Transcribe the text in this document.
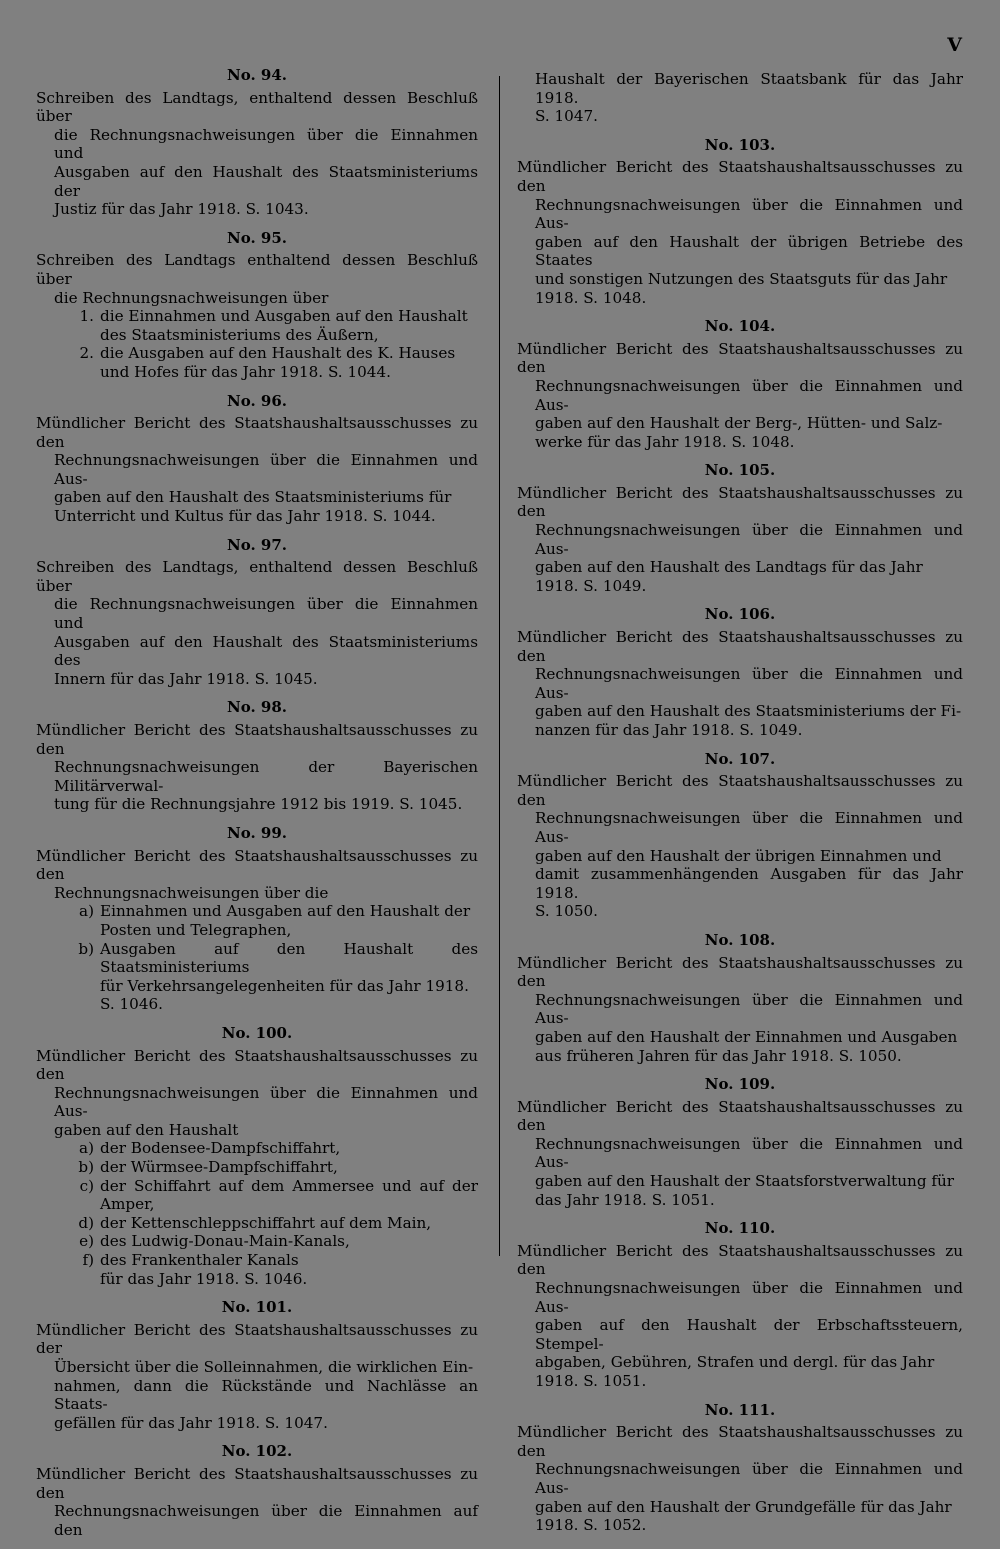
V
No. 94.
Schreiben des Landtags, enthaltend dessen Beschluß über
die Rechnungsnachweisungen über die Einnahmen und
Ausgaben auf den Haushalt des Staatsministeriums der
Justiz für das Jahr 1918. S. 1043.
No. 95.
Schreiben des Landtags enthaltend dessen Beschluß über
die Rechnungsnachweisungen über
1. die Einnahmen und Ausgaben auf den Haushalt
des Staatsministeriums des Äußern,
2. die Ausgaben auf den Haushalt des K. Hauses
und Hofes für das Jahr 1918. S. 1044.
No. 96.
Mündlicher Bericht des Staatshaushaltsausschusses zu den
Rechnungsnachweisungen über die Einnahmen und Aus-
gaben auf den Haushalt des Staatsministeriums für
Unterricht und Kultus für das Jahr 1918. S. 1044.
No. 97.
Schreiben des Landtags, enthaltend dessen Beschluß über
die Rechnungsnachweisungen über die Einnahmen und
Ausgaben auf den Haushalt des Staatsministeriums des
Innern für das Jahr 1918. S. 1045.
No. 98.
Mündlicher Bericht des Staatshaushaltsausschusses zu den
Rechnungsnachweisungen der Bayerischen Militärverwal-
tung für die Rechnungsjahre 1912 bis 1919. S. 1045.
No. 99.
Mündlicher Bericht des Staatshaushaltsausschusses zu den
Rechnungsnachweisungen über die
a) Einnahmen und Ausgaben auf den Haushalt der
Posten und Telegraphen,
b) Ausgaben auf den Haushalt des Staatsministeriums
für Verkehrsangelegenheiten für das Jahr 1918.
S. 1046.
No. 100.
Mündlicher Bericht des Staatshaushaltsausschusses zu den
Rechnungsnachweisungen über die Einnahmen und Aus-
gaben auf den Haushalt
a) der Bodensee-Dampfschiffahrt,
b) der Würmsee-Dampfschiffahrt,
c) der Schiffahrt auf dem Ammersee und auf der Amper,
d) der Kettenschleppschiffahrt auf dem Main,
e) des Ludwig-Donau-Main-Kanals,
f) des Frankenthaler Kanals
für das Jahr 1918. S. 1046.
No. 101.
Mündlicher Bericht des Staatshaushaltsausschusses zu der
Übersicht über die Solleinnahmen, die wirklichen Ein-
nahmen, dann die Rückstände und Nachlässe an Staats-
gefällen für das Jahr 1918. S. 1047.
No. 102.
Mündlicher Bericht des Staatshaushaltsausschusses zu den
Rechnungsnachweisungen über die Einnahmen auf den
Haushalt der Bayerischen Staatsbank für das Jahr 1918.
S. 1047.
No. 103.
Mündlicher Bericht des Staatshaushaltsausschusses zu den
Rechnungsnachweisungen über die Einnahmen und Aus-
gaben auf den Haushalt der übrigen Betriebe des Staates
und sonstigen Nutzungen des Staatsguts für das Jahr
1918. S. 1048.
No. 104.
Mündlicher Bericht des Staatshaushaltsausschusses zu den
Rechnungsnachweisungen über die Einnahmen und Aus-
gaben auf den Haushalt der Berg-, Hütten- und Salz-
werke für das Jahr 1918. S. 1048.
No. 105.
Mündlicher Bericht des Staatshaushaltsausschusses zu den
Rechnungsnachweisungen über die Einnahmen und Aus-
gaben auf den Haushalt des Landtags für das Jahr
1918. S. 1049.
No. 106.
Mündlicher Bericht des Staatshaushaltsausschusses zu den
Rechnungsnachweisungen über die Einnahmen und Aus-
gaben auf den Haushalt des Staatsministeriums der Fi-
nanzen für das Jahr 1918. S. 1049.
No. 107.
Mündlicher Bericht des Staatshaushaltsausschusses zu den
Rechnungsnachweisungen über die Einnahmen und Aus-
gaben auf den Haushalt der übrigen Einnahmen und
damit zusammenhängenden Ausgaben für das Jahr 1918.
S. 1050.
No. 108.
Mündlicher Bericht des Staatshaushaltsausschusses zu den
Rechnungsnachweisungen über die Einnahmen und Aus-
gaben auf den Haushalt der Einnahmen und Ausgaben
aus früheren Jahren für das Jahr 1918. S. 1050.
No. 109.
Mündlicher Bericht des Staatshaushaltsausschusses zu den
Rechnungsnachweisungen über die Einnahmen und Aus-
gaben auf den Haushalt der Staatsforstverwaltung für
das Jahr 1918. S. 1051.
No. 110.
Mündlicher Bericht des Staatshaushaltsausschusses zu den
Rechnungsnachweisungen über die Einnahmen und Aus-
gaben auf den Haushalt der Erbschaftssteuern, Stempel-
abgaben, Gebühren, Strafen und dergl. für das Jahr
1918. S. 1051.
No. 111.
Mündlicher Bericht des Staatshaushaltsausschusses zu den
Rechnungsnachweisungen über die Einnahmen und Aus-
gaben auf den Haushalt der Grundgefälle für das Jahr
1918. S. 1052.
